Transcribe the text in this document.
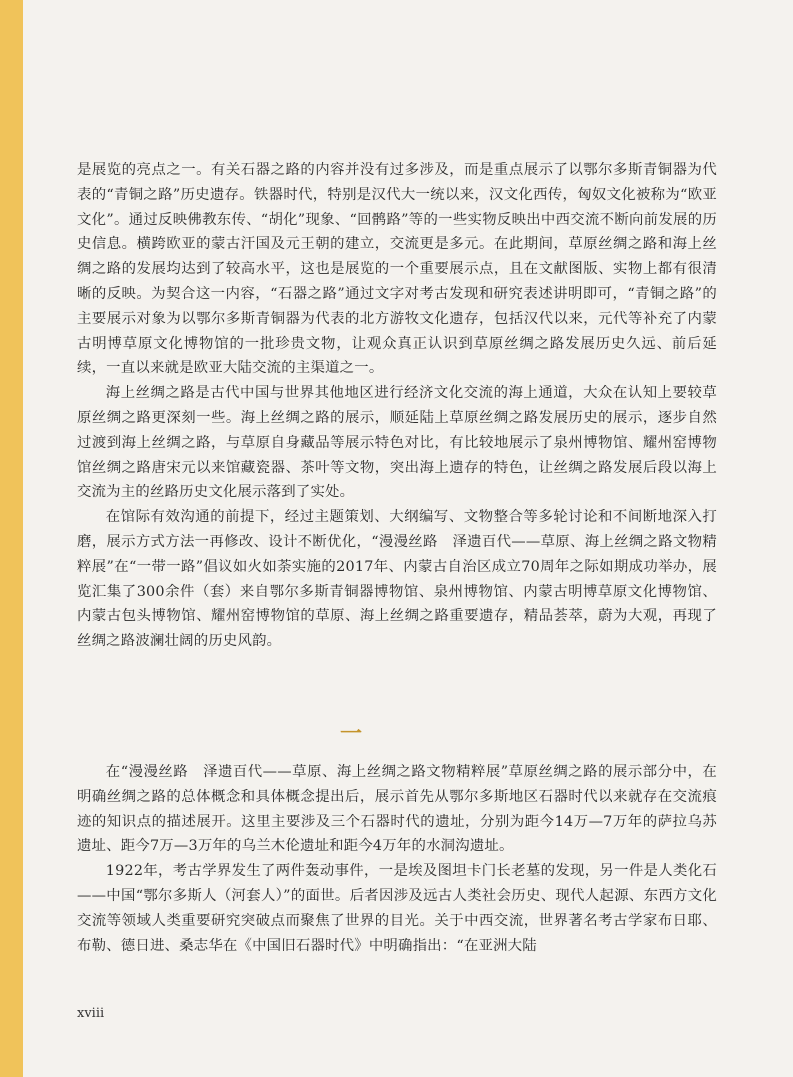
是展览的亮点之一。有关石器之路的内容并没有过多涉及，而是重点展示了以鄂尔多斯青铜器为代表的“青铜之路”历史遗存。铁器时代，特别是汉代大一统以来，汉文化西传，匈奴文化被称为“欧亚文化”。通过反映佛教东传、“胡化”现象、“回鹘路”等的一些实物反映出中西交流不断向前发展的历史信息。横跨欧亚的蒙古汗国及元王朝的建立，交流更是多元。在此期间，草原丝绸之路和海上丝绸之路的发展均达到了较高水平，这也是展览的一个重要展示点，且在文献图版、实物上都有很清晰的反映。为契合这一内容，“石器之路”通过文字对考古发现和研究表述讲明即可，“青铜之路”的主要展示对象为以鄂尔多斯青铜器为代表的北方游牧文化遗存，包括汉代以来，元代等补充了内蒙古明博草原文化博物馆的一批珍贵文物，让观众真正认识到草原丝绸之路发展历史久远、前后延续，一直以来就是欧亚大陆交流的主渠道之一。

海上丝绸之路是古代中国与世界其他地区进行经济文化交流的海上通道，大众在认知上要较草原丝绸之路更深刻一些。海上丝绸之路的展示，顺延陆上草原丝绸之路发展历史的展示，逐步自然过渡到海上丝绸之路，与草原自身藏品等展示特色对比，有比较地展示了泉州博物馆、耀州窑博物馆丝绸之路唐宋元以来馆藏瓷器、茶叶等文物，突出海上遗存的特色，让丝绸之路发展后段以海上交流为主的丝路历史文化展示落到了实处。

在馆际有效沟通的前提下，经过主题策划、大纲编写、文物整合等多轮讨论和不间断地深入打磨，展示方式方法一再修改、设计不断优化，“漫漫丝路　泽遗百代——草原、海上丝绸之路文物精粹展”在“一带一路”倡议如火如荼实施的2017年、内蒙古自治区成立70周年之际如期成功举办，展览汇集了300余件（套）来自鄂尔多斯青铜器博物馆、泉州博物馆、内蒙古明博草原文化博物馆、内蒙古包头博物馆、耀州窑博物馆的草原、海上丝绸之路重要遗存，精品荟萃，蔚为大观，再现了丝绸之路波澜壮阔的历史风韵。

一

在“漫漫丝路　泽遗百代——草原、海上丝绸之路文物精粹展”草原丝绸之路的展示部分中，在明确丝绸之路的总体概念和具体概念提出后，展示首先从鄂尔多斯地区石器时代以来就存在交流痕迹的知识点的描述展开。这里主要涉及三个石器时代的遗址，分别为距今14万—7万年的萨拉乌苏遗址、距今7万—3万年的乌兰木伦遗址和距今4万年的水洞沟遗址。

1922年，考古学界发生了两件轰动事件，一是埃及图坦卡门长老墓的发现，另一件是人类化石——中国“鄂尔多斯人（河套人）”的面世。后者因涉及远古人类社会历史、现代人起源、东西方文化交流等领域人类重要研究突破点而聚焦了世界的目光。关于中西交流，世界著名考古学家布日耶、布勒、德日进、桑志华在《中国旧石器时代》中明确指出：“在亚洲大陆

xviii
